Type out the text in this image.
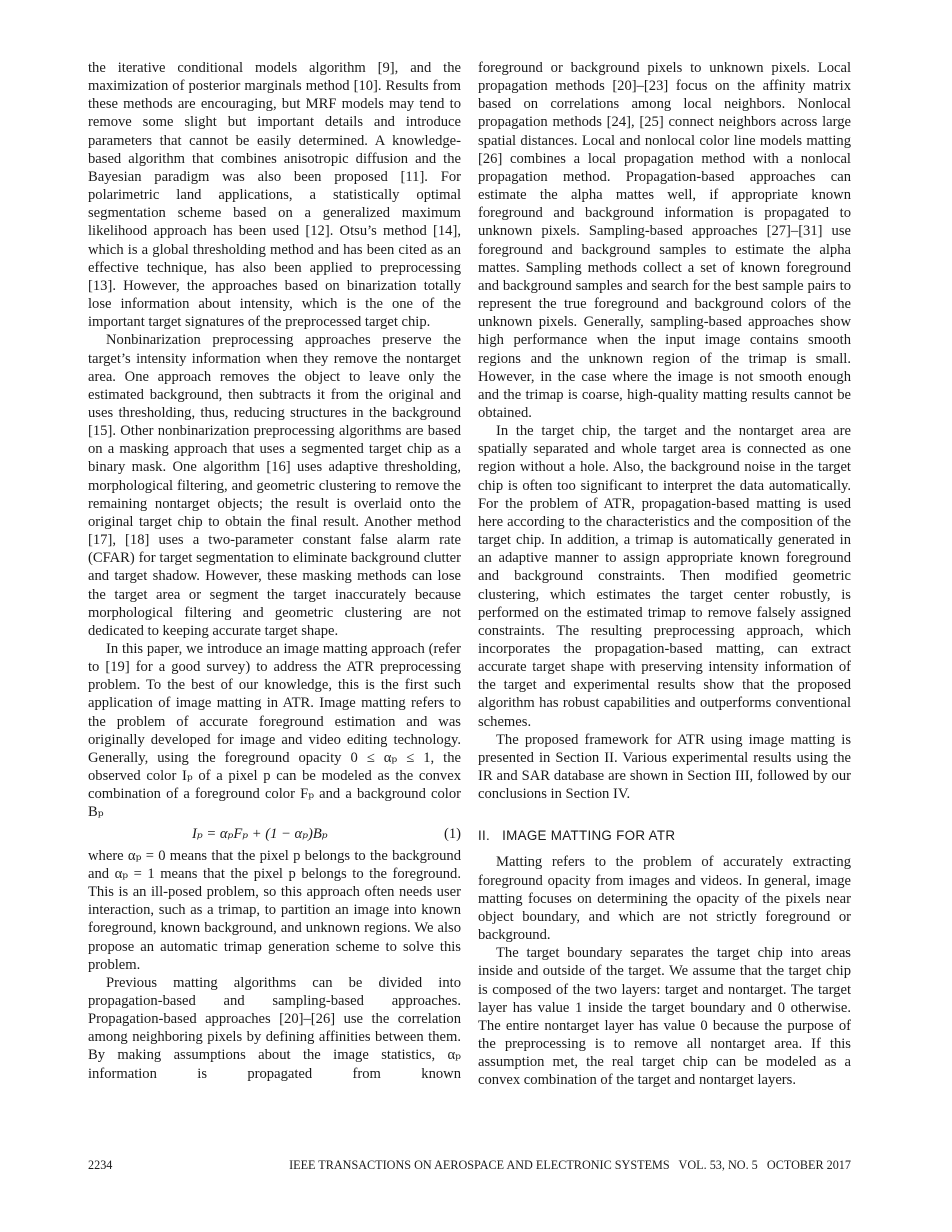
the iterative conditional models algorithm [9], and the maximization of posterior marginals method [10]. Results from these methods are encouraging, but MRF models may tend to remove some slight but important details and introduce parameters that cannot be easily determined. A knowledge-based algorithm that combines anisotropic diffusion and the Bayesian paradigm was also been proposed [11]. For polarimetric land applications, a statistically optimal segmentation scheme based on a generalized maximum likelihood approach has been used [12]. Otsu’s method [14], which is a global thresholding method and has been cited as an effective technique, has also been applied to preprocessing [13]. However, the approaches based on binarization totally lose information about intensity, which is the one of the important target signatures of the preprocessed target chip.

Nonbinarization preprocessing approaches preserve the target’s intensity information when they remove the nontarget area. One approach removes the object to leave only the estimated background, then subtracts it from the original and uses thresholding, thus, reducing structures in the background [15]. Other nonbinarization preprocessing algorithms are based on a masking approach that uses a segmented target chip as a binary mask. One algorithm [16] uses adaptive thresholding, morphological filtering, and geometric clustering to remove the remaining nontarget objects; the result is overlaid onto the original target chip to obtain the final result. Another method [17], [18] uses a two-parameter constant false alarm rate (CFAR) for target segmentation to eliminate background clutter and target shadow. However, these masking methods can lose the target area or segment the target inaccurately because morphological filtering and geometric clustering are not dedicated to keeping accurate target shape.

In this paper, we introduce an image matting approach (refer to [19] for a good survey) to address the ATR preprocessing problem. To the best of our knowledge, this is the first such application of image matting in ATR. Image matting refers to the problem of accurate foreground estimation and was originally developed for image and video editing technology. Generally, using the foreground opacity 0 ≤ αₚ ≤ 1, the observed color Iₚ of a pixel p can be modeled as the convex combination of a foreground color Fₚ and a background color Bₚ

Iₚ = αₚFₚ + (1 − αₚ)Bₚ	(1)

where αₚ = 0 means that the pixel p belongs to the background and αₚ = 1 means that the pixel p belongs to the foreground. This is an ill-posed problem, so this approach often needs user interaction, such as a trimap, to partition an image into known foreground, known background, and unknown regions. We also propose an automatic trimap generation scheme to solve this problem.

Previous matting algorithms can be divided into propagation-based and sampling-based approaches. Propagation-based approaches [20]–[26] use the correlation among neighboring pixels by defining affinities between them. By making assumptions about the image statistics, αₚ information is propagated from known

foreground or background pixels to unknown pixels. Local propagation methods [20]–[23] focus on the affinity matrix based on correlations among local neighbors. Nonlocal propagation methods [24], [25] connect neighbors across large spatial distances. Local and nonlocal color line models matting [26] combines a local propagation method with a nonlocal propagation method. Propagation-based approaches can estimate the alpha mattes well, if appropriate known foreground and background information is propagated to unknown pixels. Sampling-based approaches [27]–[31] use foreground and background samples to estimate the alpha mattes. Sampling methods collect a set of known foreground and background samples and search for the best sample pairs to represent the true foreground and background colors of the unknown pixels. Generally, sampling-based approaches show high performance when the input image contains smooth regions and the unknown region of the trimap is small. However, in the case where the image is not smooth enough and the trimap is coarse, high-quality matting results cannot be obtained.

In the target chip, the target and the nontarget area are spatially separated and whole target area is connected as one region without a hole. Also, the background noise in the target chip is often too significant to interpret the data automatically. For the problem of ATR, propagation-based matting is used here according to the characteristics and the composition of the target chip. In addition, a trimap is automatically generated in an adaptive manner to assign appropriate known foreground and background constraints. Then modified geometric clustering, which estimates the target center robustly, is performed on the estimated trimap to remove falsely assigned constraints. The resulting preprocessing approach, which incorporates the propagation-based matting, can extract accurate target shape with preserving intensity information of the target and experimental results show that the proposed algorithm has robust capabilities and outperforms conventional schemes.

The proposed framework for ATR using image matting is presented in Section II. Various experimental results using the IR and SAR database are shown in Section III, followed by our conclusions in Section IV.

II.   IMAGE MATTING FOR ATR

Matting refers to the problem of accurately extracting foreground opacity from images and videos. In general, image matting focuses on determining the opacity of the pixels near object boundary, and which are not strictly foreground or background.

The target boundary separates the target chip into areas inside and outside of the target. We assume that the target chip is composed of the two layers: target and nontarget. The target layer has value 1 inside the target boundary and 0 otherwise. The entire nontarget layer has value 0 because the purpose of the preprocessing is to remove all nontarget area. If this assumption met, the real target chip can be modeled as a convex combination of the target and nontarget layers.

2234	IEEE TRANSACTIONS ON AEROSPACE AND ELECTRONIC SYSTEMS   VOL. 53, NO. 5   OCTOBER 2017
